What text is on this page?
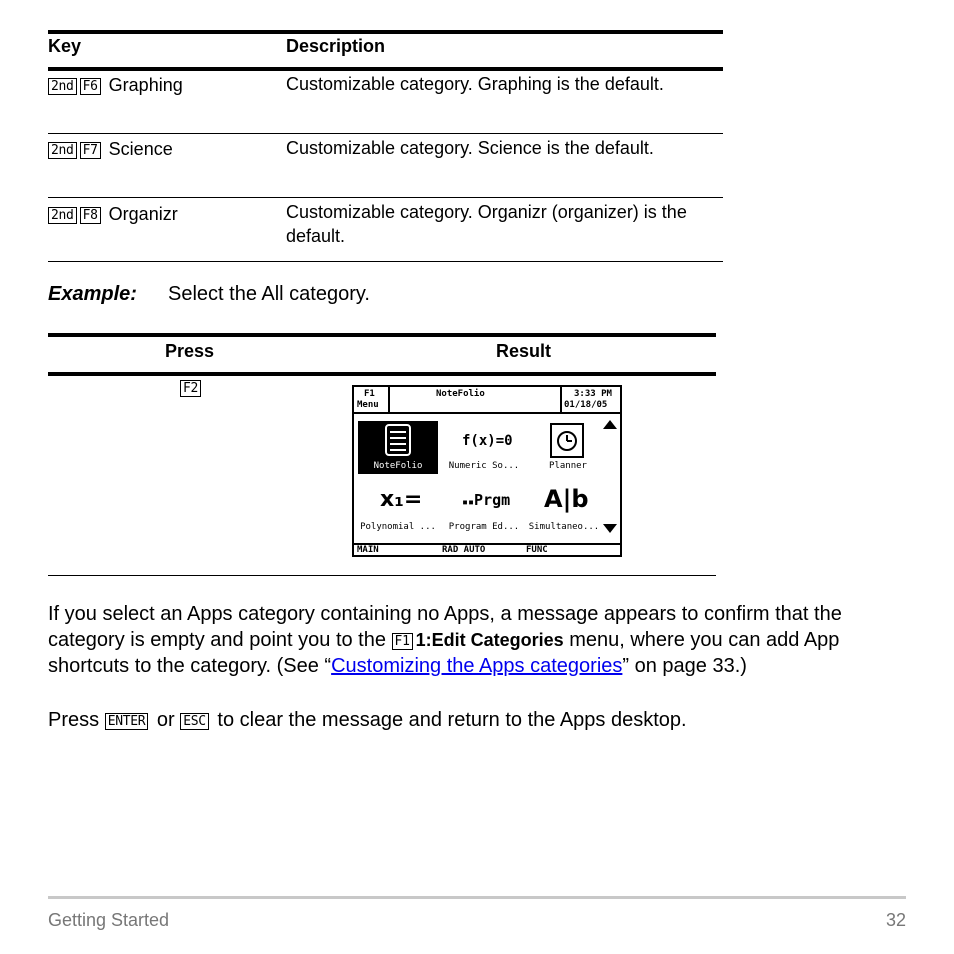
Key	Description
2nd F6 Graphing	Customizable category. Graphing is the default.
2nd F7 Science	Customizable category. Science is the default.
2nd F8 Organizr	Customizable category. Organizr (organizer) is the default.
Example: Select the All category.
Press	Result
F2	F1
Menu
NoteFolio	3:33 PM
01/18/05
NoteFolio
f(x)=0
Numeric So...	Planner
x₁=
Polynomial ...
▪▪Prgm
Program Ed...
A|b
Simultaneo...
MAIN	RAD AUTO	FUNC
If you select an Apps category containing no Apps, a message appears to confirm that the category is empty and point you to the F1 1:Edit Categories menu, where you can add App shortcuts to the category. (See “Customizing the Apps categories” on page 33.)
Press ENTER or ESC to clear the message and return to the Apps desktop.
Getting Started	32
